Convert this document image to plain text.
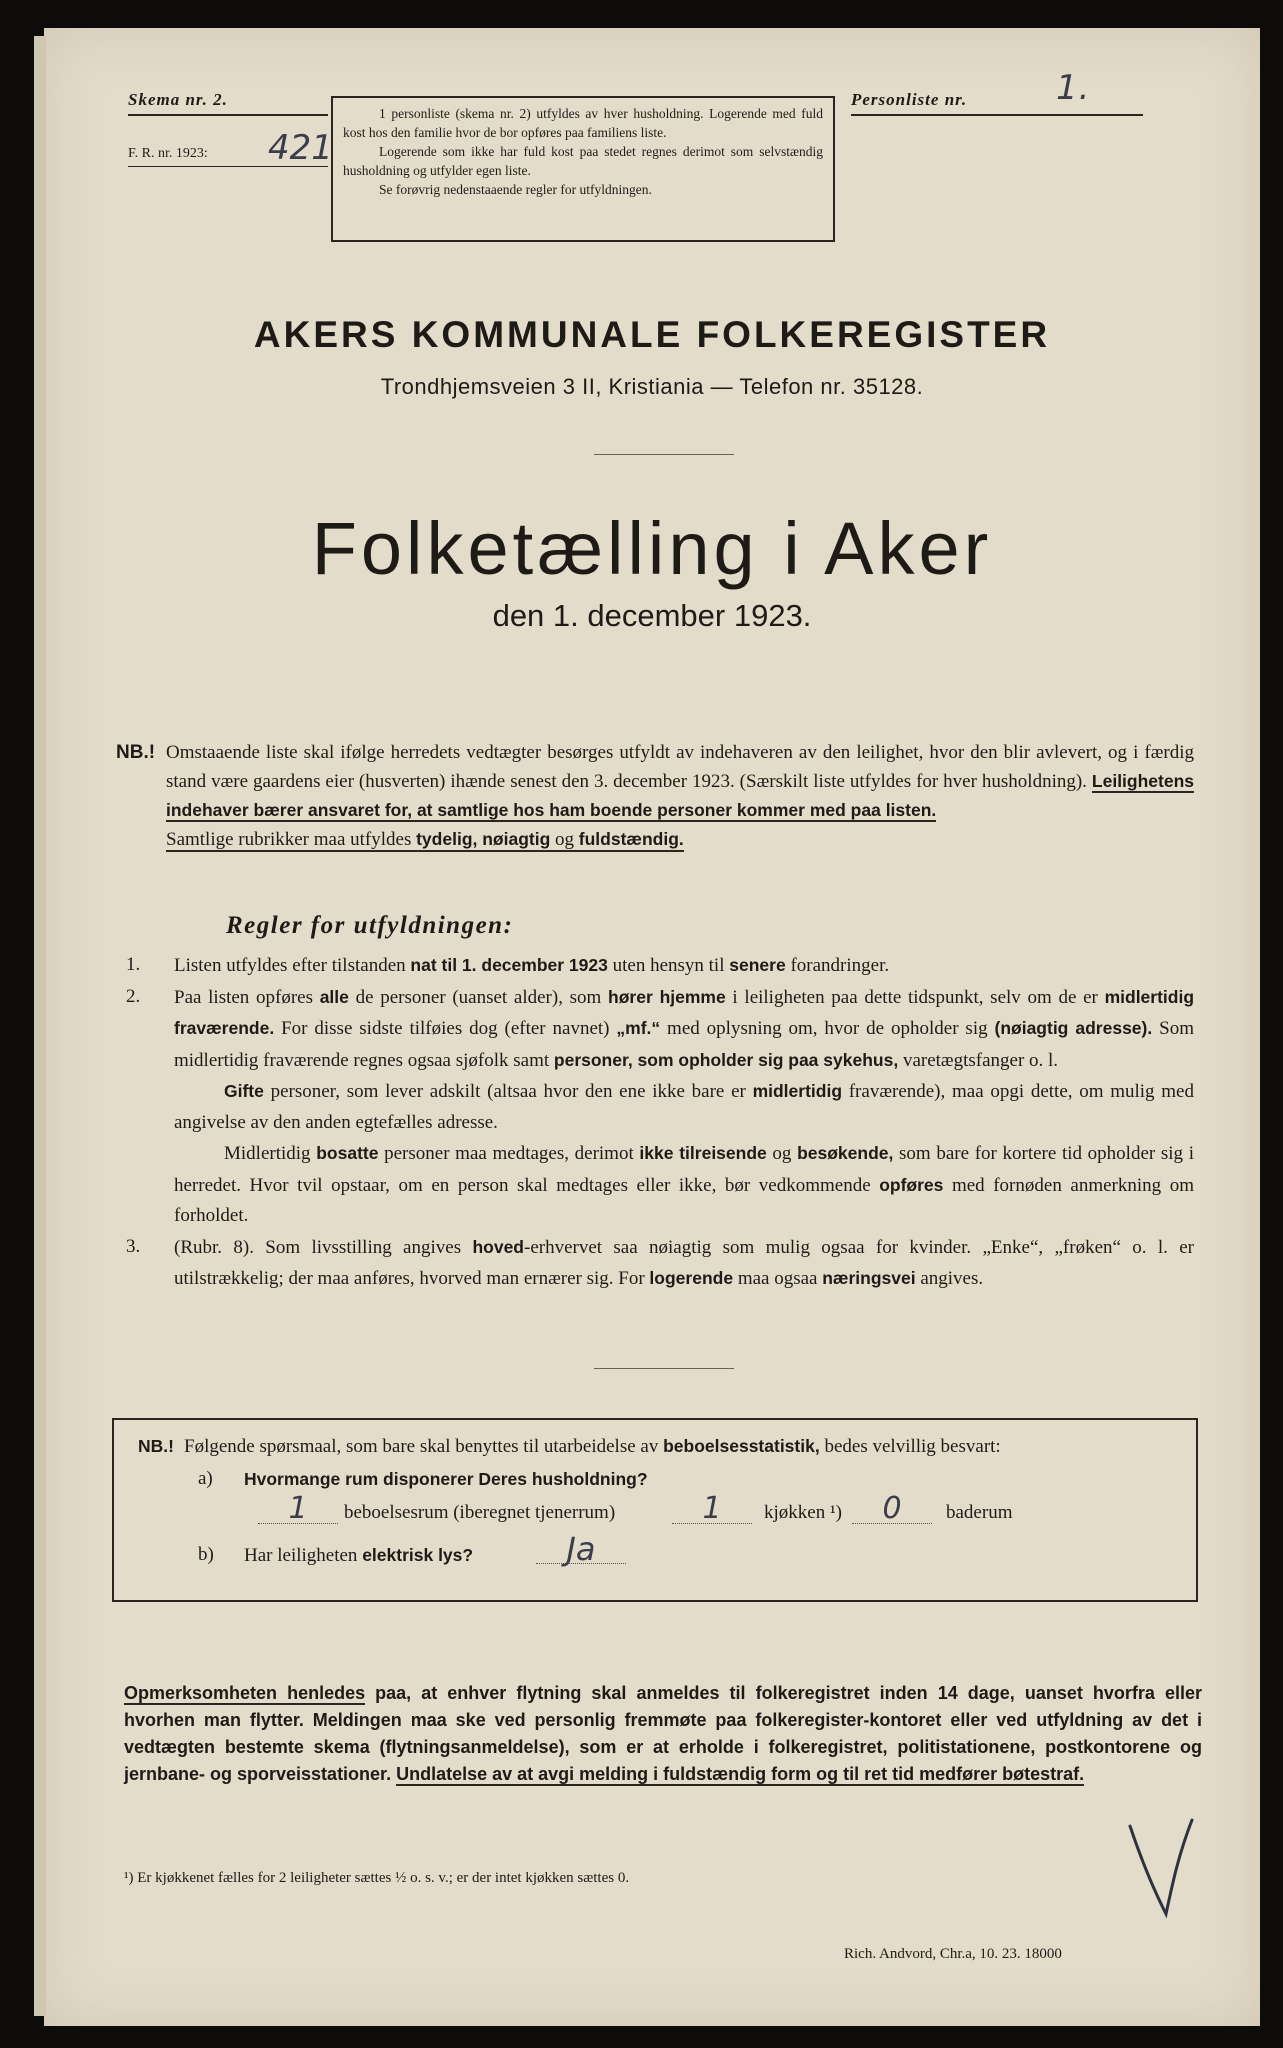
Skema nr. 2.
F. R. nr. 1923: 421

1 personliste (skema nr. 2) utfyldes av hver husholdning. Logerende med fuld kost hos den familie hvor de bor opføres paa familiens liste.

Logerende som ikke har fuld kost paa stedet regnes derimot som selvstændig husholdning og utfylder egen liste.

Se forøvrig nedenstaaende regler for utfyldningen.

Personliste nr.	1.
AKERS KOMMUNALE FOLKEREGISTER
Trondhjemsveien 3 II, Kristiania — Telefon nr. 35128.
Folketælling i Aker
den 1. december 1923.
NB.! Omstaaende liste skal ifølge herredets vedtægter besørges utfyldt av indehaveren av den leilighet, hvor den blir avlevert, og i færdig stand være gaardens eier (husverten) ihænde senest den 3. december 1923. (Særskilt liste utfyldes for hver husholdning). Leilighetens indehaver bærer ansvaret for, at samtlige hos ham boende personer kommer med paa listen.
Samtlige rubrikker maa utfyldes tydelig, nøiagtig og fuldstændig.
Regler for utfyldningen:
1. Listen utfyldes efter tilstanden nat til 1. december 1923 uten hensyn til senere forandringer.
2. Paa listen opføres alle de personer (uanset alder), som hører hjemme i leiligheten paa dette tidspunkt, selv om de er midlertidig fraværende. For disse sidste tilføies dog (efter navnet) „mf.“ med oplysning om, hvor de opholder sig (nøiagtig adresse). Som midlertidig fraværende regnes ogsaa sjøfolk samt personer, som opholder sig paa sykehus, varetægtsfanger o. l.
Gifte personer, som lever adskilt (altsaa hvor den ene ikke bare er midlertidig fraværende), maa opgi dette, om mulig med angivelse av den anden egtefælles adresse.
Midlertidig bosatte personer maa medtages, derimot ikke tilreisende og besøkende, som bare for kortere tid opholder sig i herredet. Hvor tvil opstaar, om en person skal medtages eller ikke, bør vedkommende opføres med fornøden anmerkning om forholdet.
3. (Rubr. 8). Som livsstilling angives hoved-erhvervet saa nøiagtig som mulig ogsaa for kvinder. „Enke“, „frøken“ o. l. er utilstrækkelig; der maa anføres, hvorved man ernærer sig. For logerende maa ogsaa næringsvei angives.
NB.! Følgende spørsmaal, som bare skal benyttes til utarbeidelse av beboelsesstatistik, bedes velvillig besvart:
a) Hvormange rum disponerer Deres husholdning?
1	beboelsesrum (iberegnet tjenerrum)	1	kjøkken ¹)	0	baderum
b) Har leiligheten elektrisk lys?	Ja
Opmerksomheten henledes paa, at enhver flytning skal anmeldes til folkeregistret inden 14 dage, uanset hvorfra eller hvorhen man flytter. Meldingen maa ske ved personlig fremmøte paa folkeregister-kontoret eller ved utfyldning av det i vedtægten bestemte skema (flytningsanmeldelse), som er at erholde i folkeregistret, politistationene, postkontorene og jernbane- og sporveisstationer. Undlatelse av at avgi melding i fuldstændig form og til ret tid medfører bøtestraf.
¹) Er kjøkkenet fælles for 2 leiligheter sættes ½ o. s. v.; er der intet kjøkken sættes 0.
Rich. Andvord, Chr.a, 10. 23. 18000
